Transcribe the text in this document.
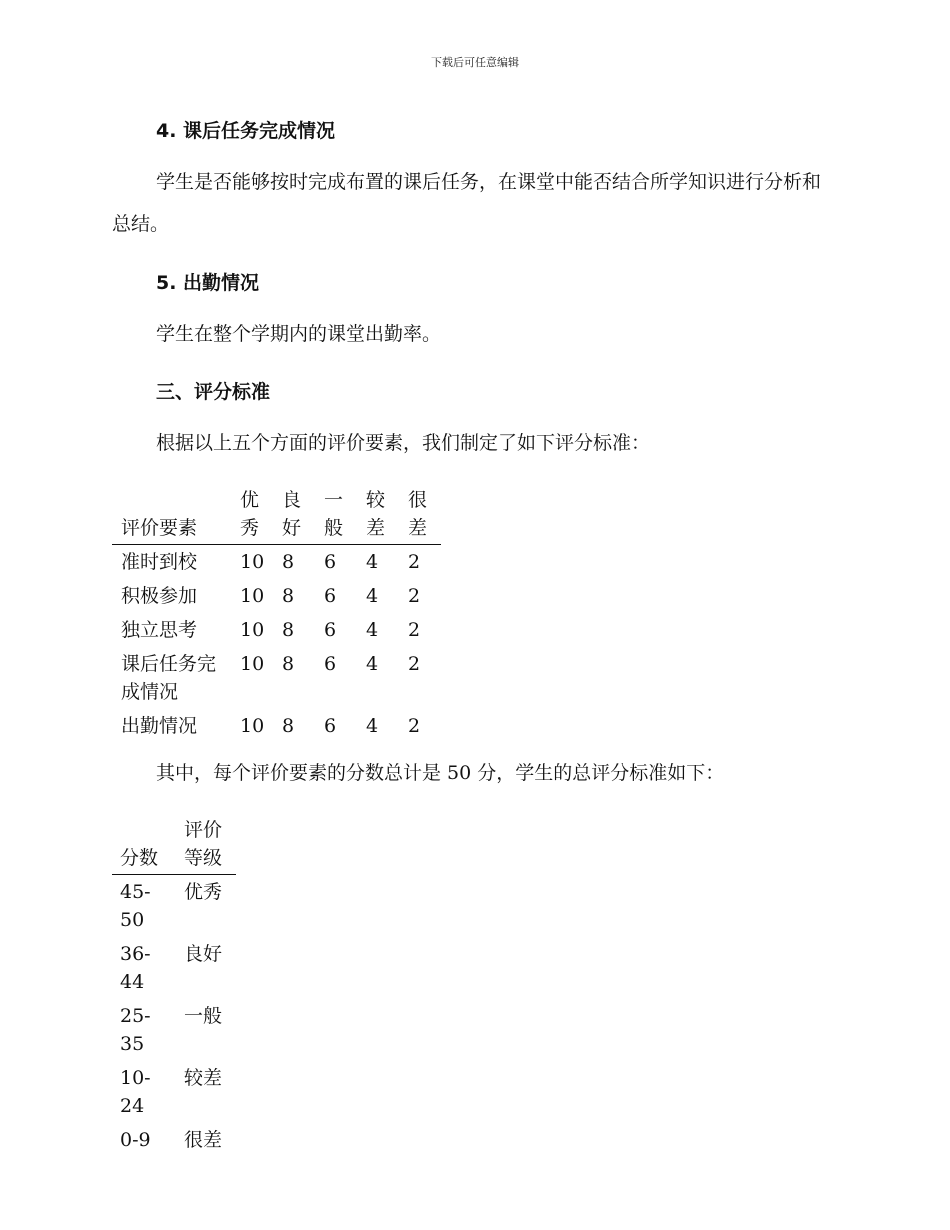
下载后可任意编辑
4. 课后任务完成情况
学生是否能够按时完成布置的课后任务，在课堂中能否结合所学知识进行分析和总结。
5. 出勤情况
学生在整个学期内的课堂出勤率。
三、评分标准
根据以上五个方面的评价要素，我们制定了如下评分标准：
评价要素	优秀	良好	一般	较差	很差
准时到校	10	8	6	4	2
积极参加	10	8	6	4	2
独立思考	10	8	6	4	2
课后任务完成情况	10	8	6	4	2
出勤情况	10	8	6	4	2
其中，每个评价要素的分数总计是 50 分，学生的总评分标准如下：
分数	评价等级
45-50	优秀
36-44	良好
25-35	一般
10-24	较差
0-9	很差
